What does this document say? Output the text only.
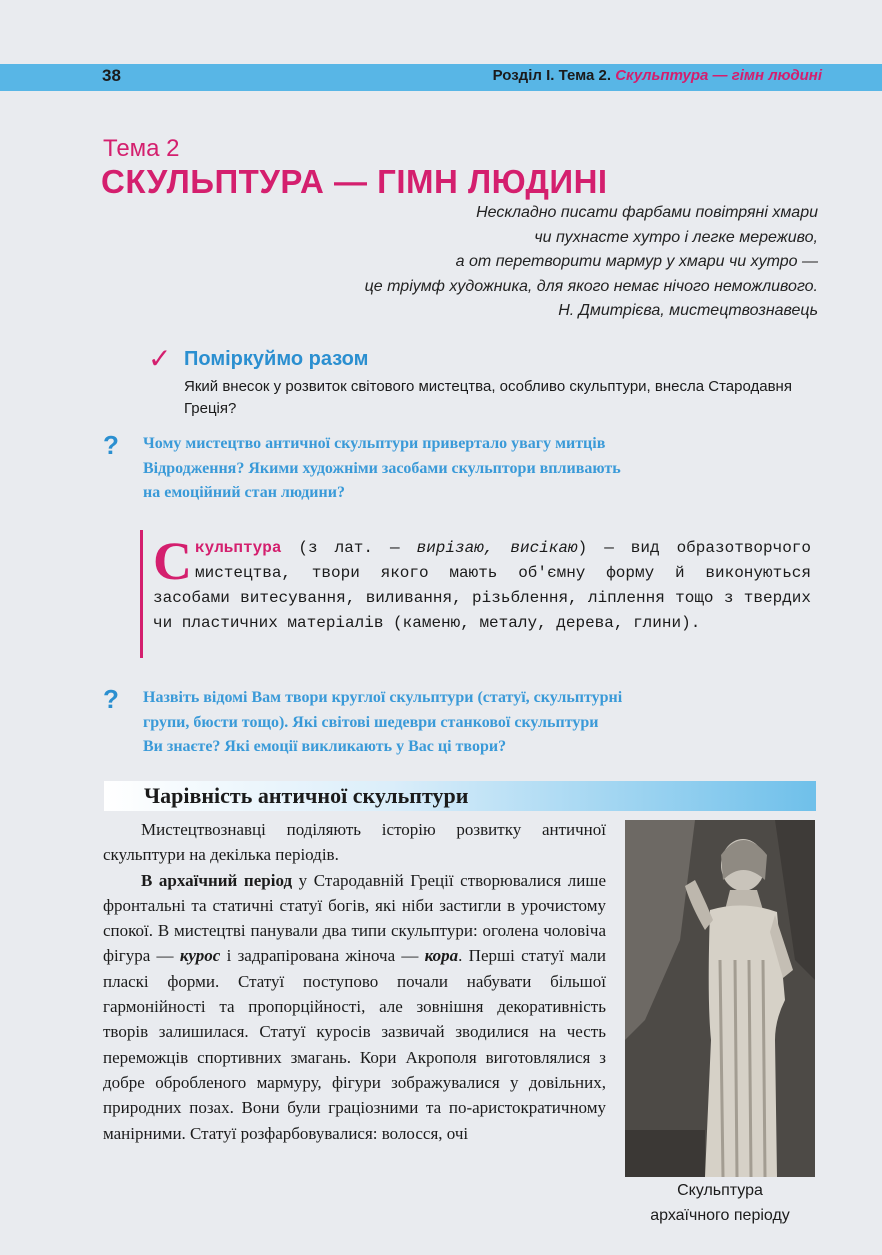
38	Розділ І. Тема 2. Скульптура — гімн людині
Тема 2
СКУЛЬПТУРА — ГІМН ЛЮДИНІ
Нескладно писати фарбами повітряні хмари
чи пухнасте хутро і легке мереживо,
а от перетворити мармур у хмари чи хутро —
це тріумф художника, для якого немає нічого неможливого.
Н. Дмитрієва, мистецтвознавець
✓ Поміркуймо разом
Який внесок у розвиток світового мистецтва, особливо скульптури, внесла Стародавня Греція?
? Чому мистецтво античної скульптури привертало увагу митців
Відродження? Якими художніми засобами скульптори впливають
на емоційний стан людини?
Скульптура (з лат. — вирізаю, висікаю) — вид образотворчого мистецтва, твори якого мають об'ємну форму й виконуються засобами витесування, виливання, різьблення, ліплення тощо з твердих чи пластичних матеріалів (каменю, металу, дерева, глини).
? Назвіть відомі Вам твори круглої скульптури (статуї, скульптурні
групи, бюсти тощо). Які світові шедеври станкової скульптури
Ви знаєте? Які емоції викликають у Вас ці твори?
Чарівність античної скульптури

Мистецтвознавці поділяють історію розвитку античної скульптури на декілька періодів.

В архаїчний період у Стародавній Греції створювалися лише фронтальні та статичні статуї богів, які ніби застигли в урочистому спокої. В мистецтві панували два типи скульптури: оголена чоловіча фігура — курос і задрапірована жіноча — кора. Перші статуї мали пласкі форми. Статуї поступово почали набувати більшої гармонійності та пропорційності, але зовнішня декоративність творів залишилася. Статуї куросів зазвичай зводилися на честь переможців спортивних змагань. Кори Акрополя виготовлялися з добре обробленого мармуру, фігури зображувалися у довільних, природних позах. Вони були граціозними та по-аристократичному манірними. Статуї розфарбовувалися: волосся, очі

Скульптура
архаїчного періоду
